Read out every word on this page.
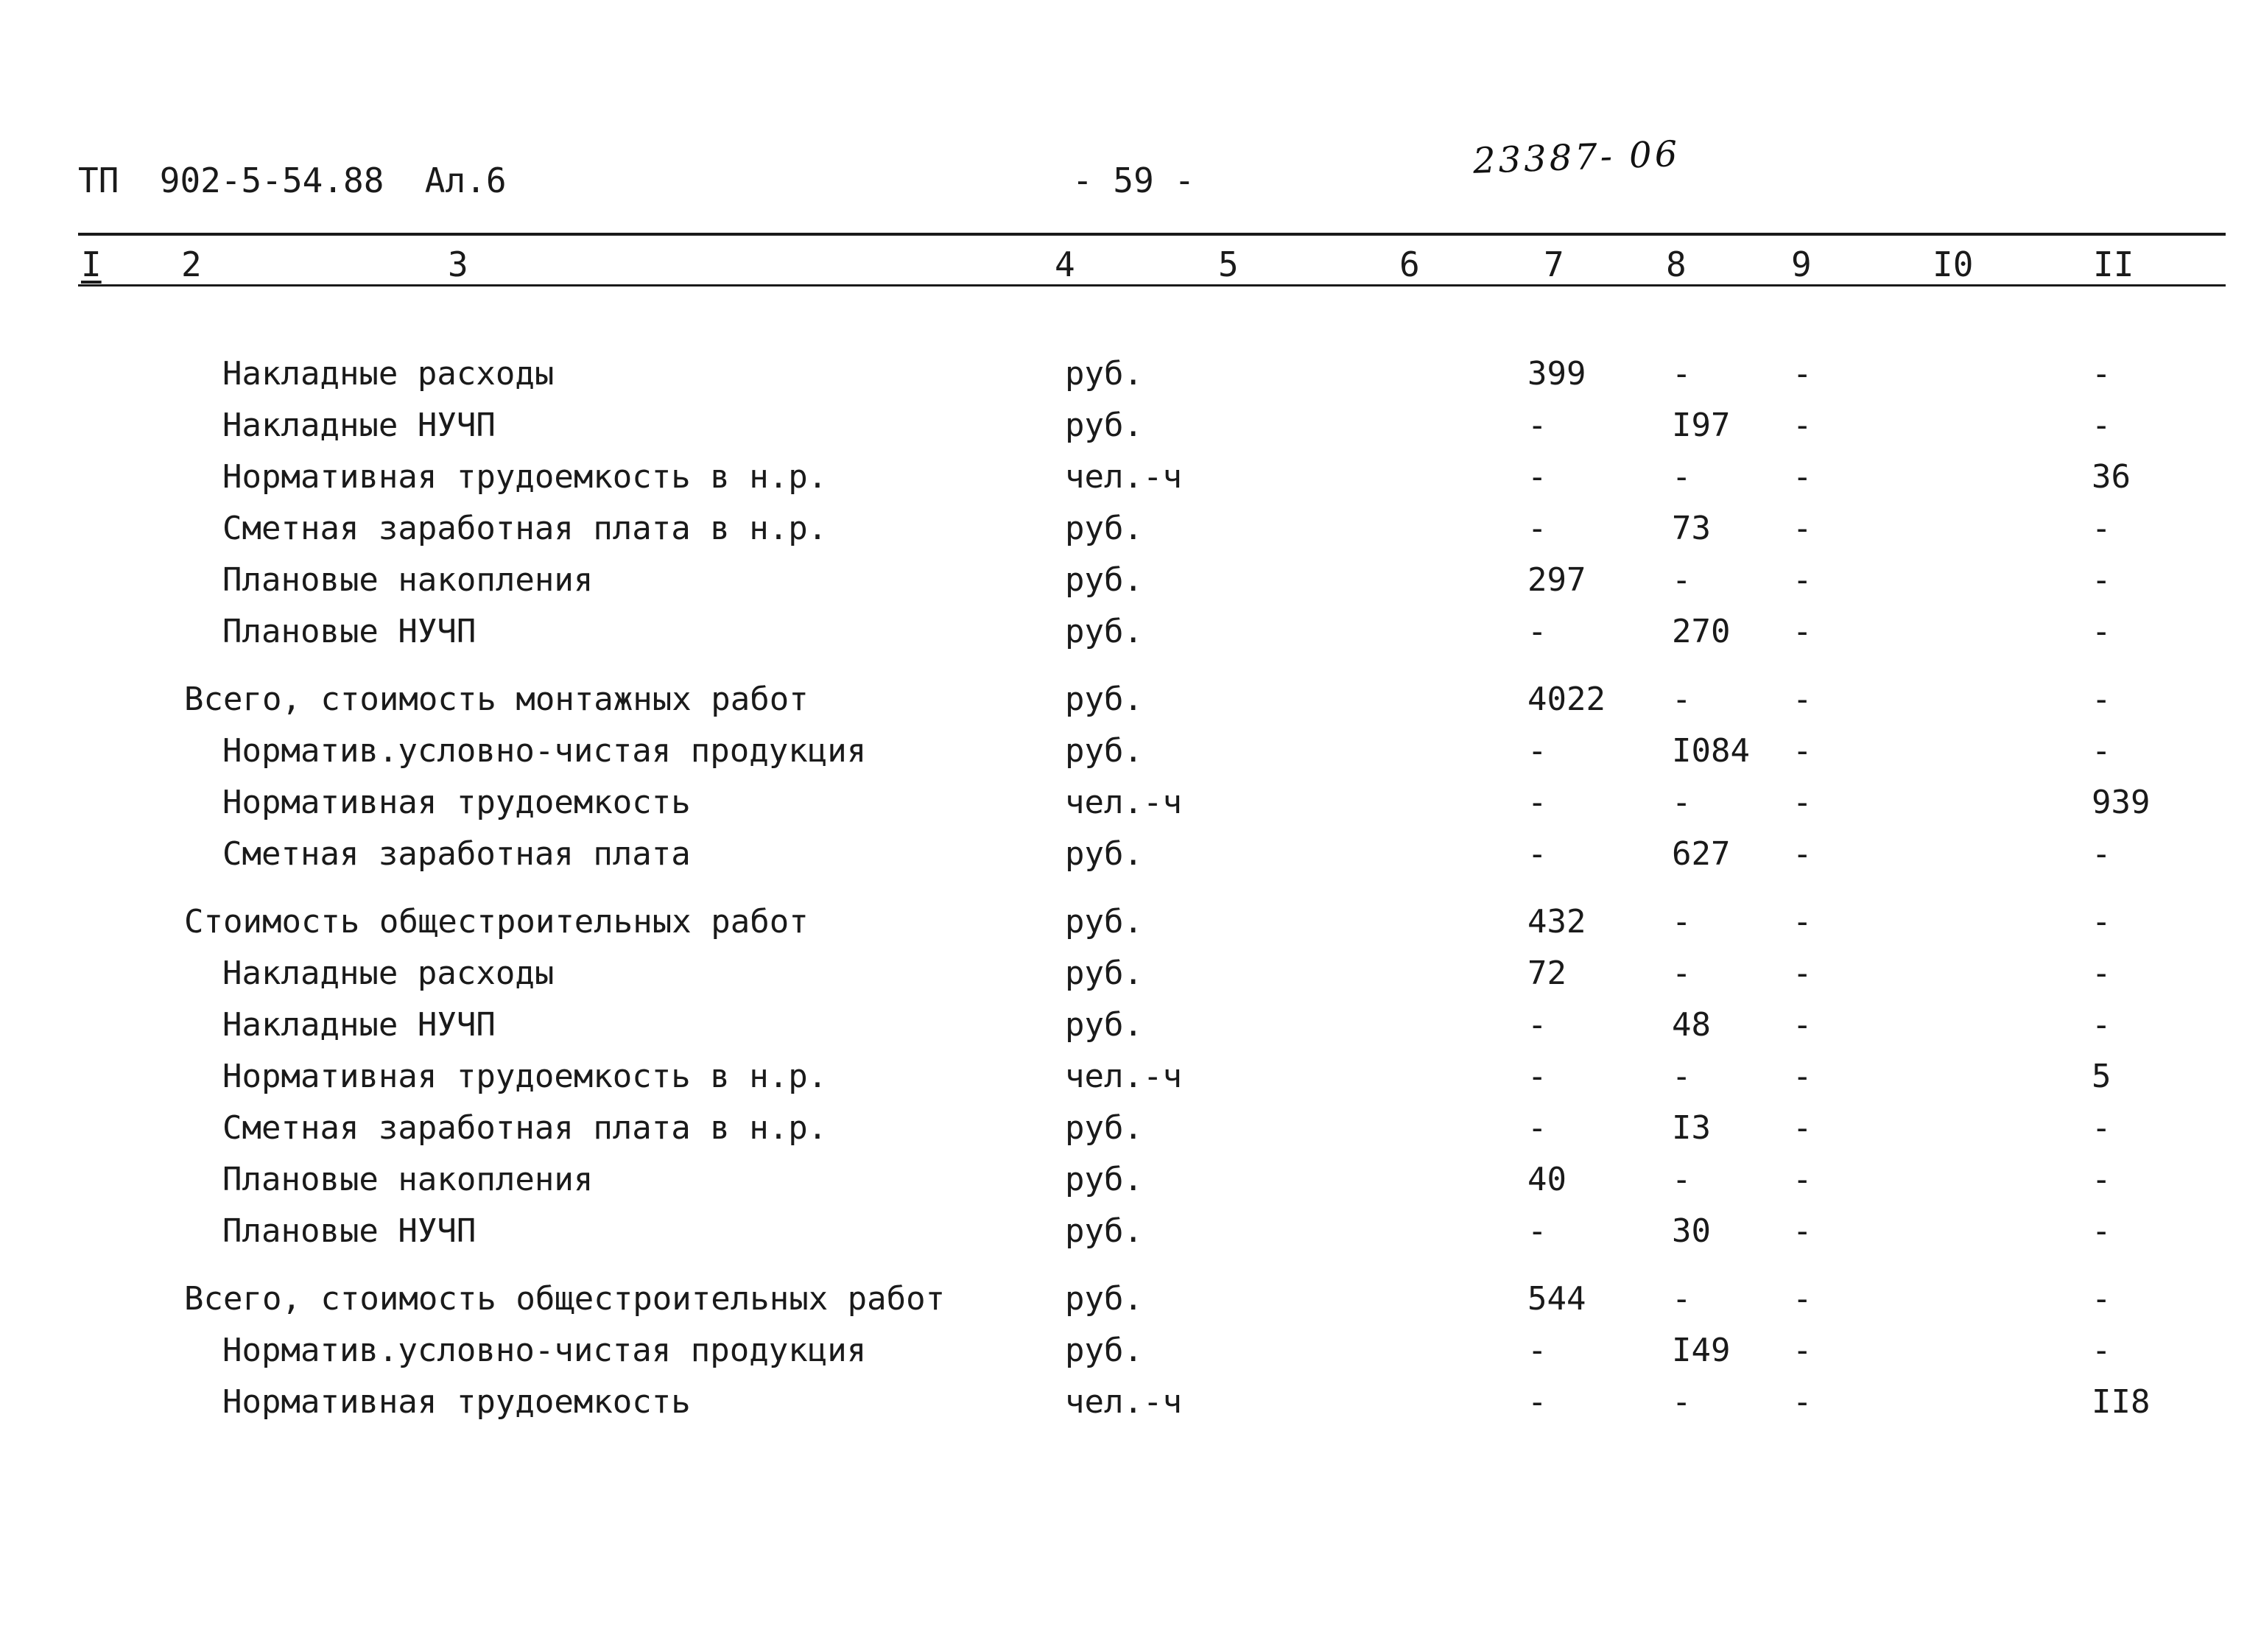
ТП  902-5-54.88  Ал.6	- 59 -	23387- 06
I 2	3	4	5	6	7	8	9	I0	II
Накладные расходы	руб.	399	-	-	-
Накладные НУЧП	руб.	-	I97	-	-
Нормативная трудоемкость в н.р.	чел.-ч	-	-	-	36
Сметная заработная плата в н.р.	руб.	-	73	-	-
Плановые накопления	руб.	297	-	-	-
Плановые НУЧП	руб.	-	270	-	-
Всего, стоимость монтажных работ	руб.	4022	-	-	-
Норматив.условно-чистая продукция	руб.	-	I084	-	-
Нормативная трудоемкость	чел.-ч	-	-	-	939
Сметная заработная плата	руб.	-	627	-	-
Стоимость общестроительных работ	руб.	432	-	-	-
Накладные расходы	руб.	72	-	-	-
Накладные НУЧП	руб.	-	48	-	-
Нормативная трудоемкость в н.р.	чел.-ч	-	-	-	5
Сметная заработная плата в н.р.	руб.	-	I3	-	-
Плановые накопления	руб.	40	-	-	-
Плановые НУЧП	руб.	-	30	-	-
Всего, стоимость общестроительных работ	руб.	544	-	-	-
Норматив.условно-чистая продукция	руб.	-	I49	-	-
Нормативная трудоемкость	чел.-ч	-	-	-	II8
